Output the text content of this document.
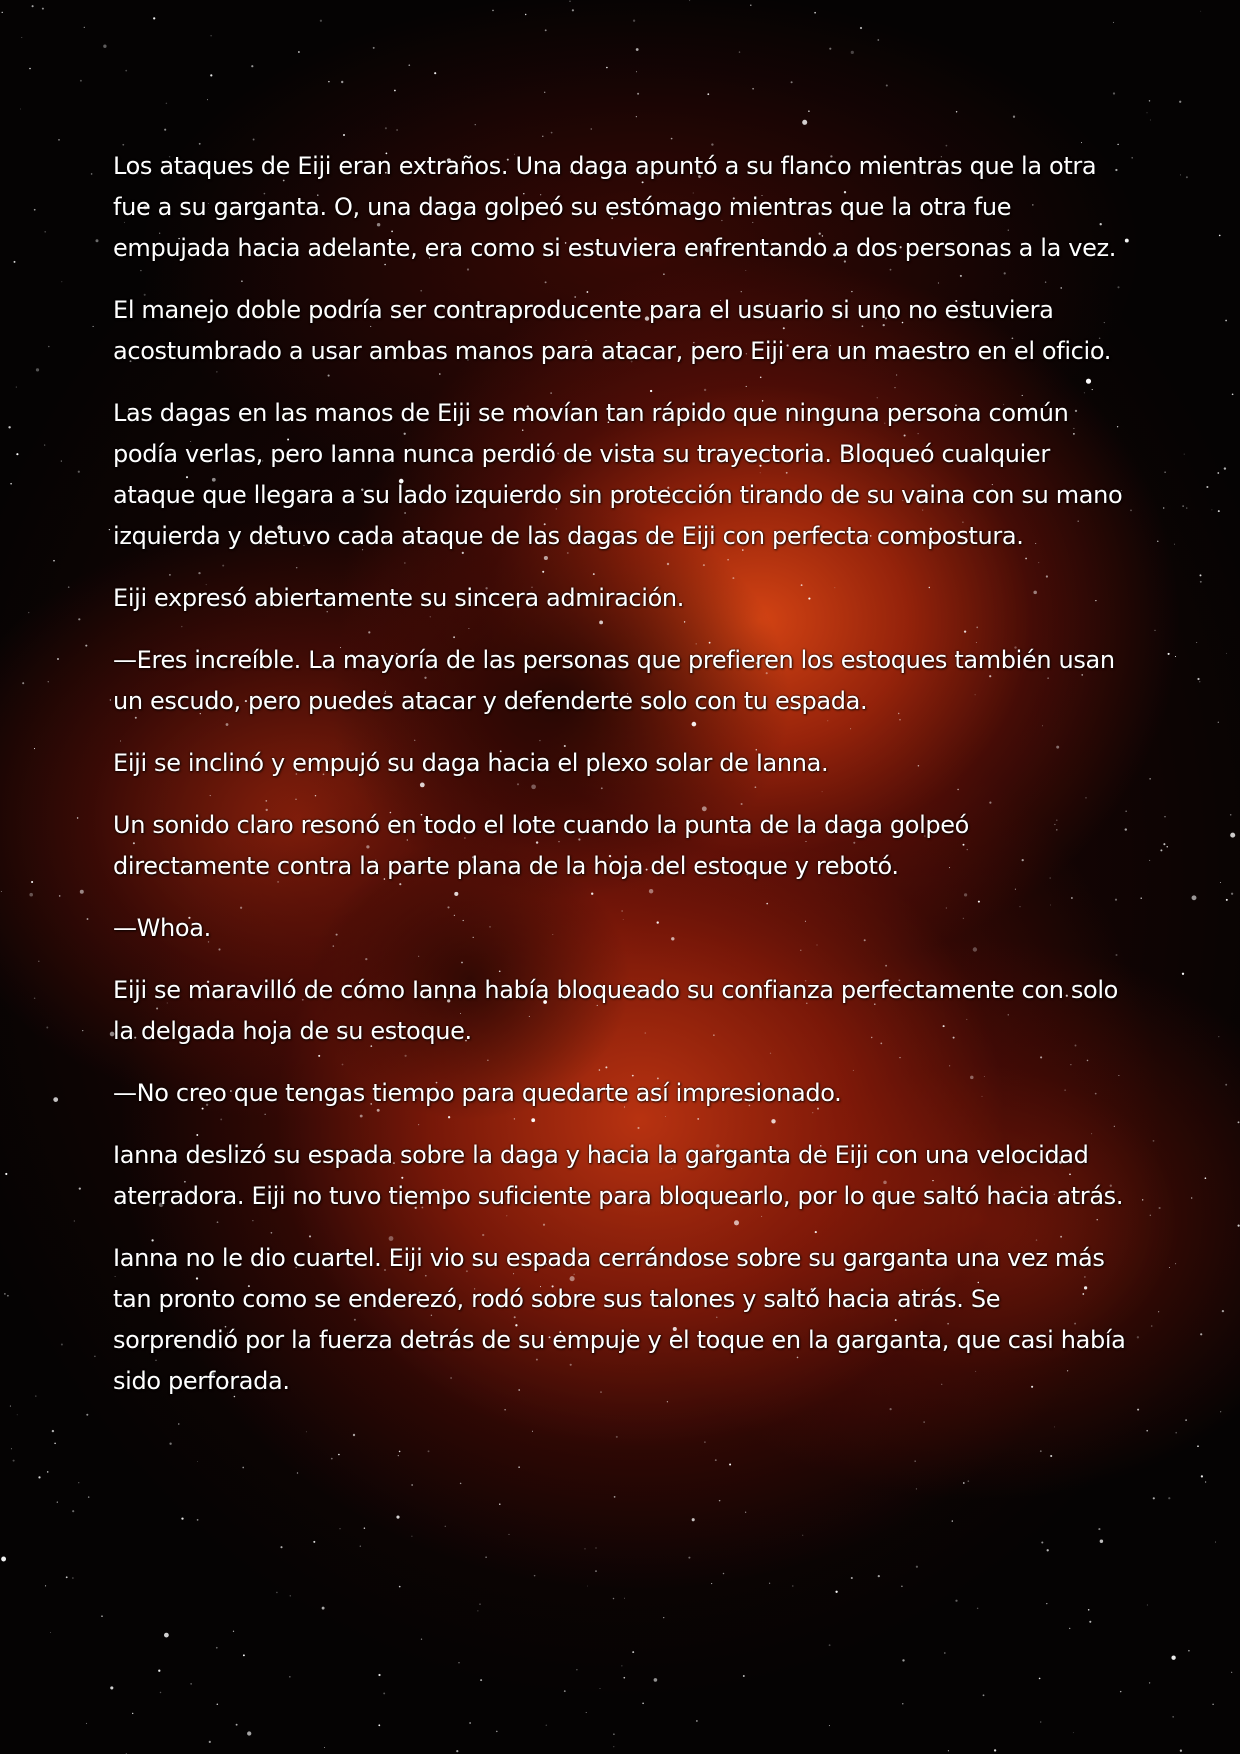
Los ataques de Eiji eran extraños. Una daga apuntó a su flanco mientras que la otra fue a su garganta. O, una daga golpeó su estómago mientras que la otra fue empujada hacia adelante, era como si estuviera enfrentando a dos personas a la vez.

El manejo doble podría ser contraproducente para el usuario si uno no estuviera acostumbrado a usar ambas manos para atacar, pero Eiji era un maestro en el oficio.

Las dagas en las manos de Eiji se movían tan rápido que ninguna persona común podía verlas, pero Ianna nunca perdió de vista su trayectoria. Bloqueó cualquier ataque que llegara a su lado izquierdo sin protección tirando de su vaina con su mano izquierda y detuvo cada ataque de las dagas de Eiji con perfecta compostura.

Eiji expresó abiertamente su sincera admiración.

—Eres increíble. La mayoría de las personas que prefieren los estoques también usan un escudo, pero puedes atacar y defenderte solo con tu espada.

Eiji se inclinó y empujó su daga hacia el plexo solar de Ianna.

Un sonido claro resonó en todo el lote cuando la punta de la daga golpeó directamente contra la parte plana de la hoja del estoque y rebotó.

—Whoa.

Eiji se maravilló de cómo Ianna había bloqueado su confianza perfectamente con solo la delgada hoja de su estoque.

—No creo que tengas tiempo para quedarte así impresionado.

Ianna deslizó su espada sobre la daga y hacia la garganta de Eiji con una velocidad aterradora. Eiji no tuvo tiempo suficiente para bloquearlo, por lo que saltó hacia atrás.

Ianna no le dio cuartel. Eiji vio su espada cerrándose sobre su garganta una vez más tan pronto como se enderezó, rodó sobre sus talones y saltó hacia atrás. Se sorprendió por la fuerza detrás de su empuje y el toque en la garganta, que casi había sido perforada.
